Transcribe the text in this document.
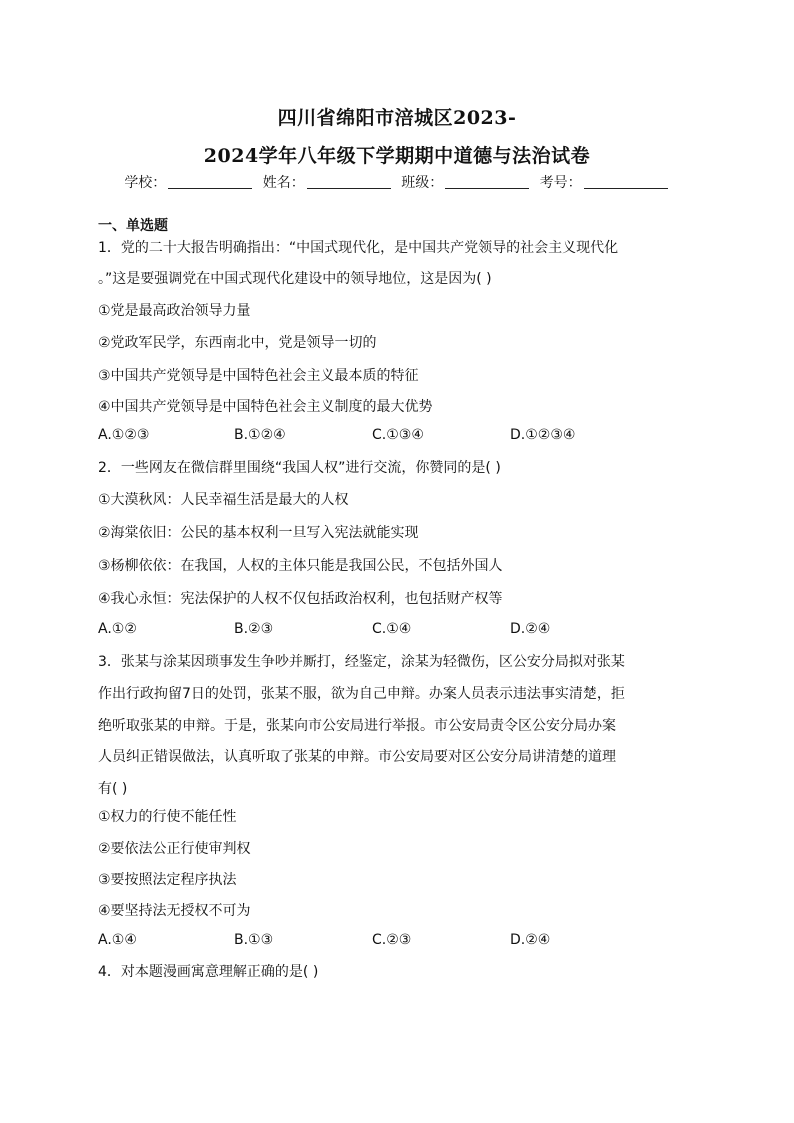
四川省绵阳市涪城区2023-
2024学年八年级下学期期中道德与法治试卷
学校：	姓名：	班级：	考号：
一、单选题
1．党的二十大报告明确指出：“中国式现代化，是中国共产党领导的社会主义现代化
。”这是要强调党在中国式现代化建设中的领导地位，这是因为( )
①党是最高政治领导力量
②党政军民学，东西南北中，党是领导一切的
③中国共产党领导是中国特色社会主义最本质的特征
④中国共产党领导是中国特色社会主义制度的最大优势
A.①②③	B.①②④	C.①③④	D.①②③④
2．一些网友在微信群里围绕“我国人权”进行交流，你赞同的是( )
①大漠秋风：人民幸福生活是最大的人权
②海棠依旧：公民的基本权利一旦写入宪法就能实现
③杨柳依依：在我国，人权的主体只能是我国公民，不包括外国人
④我心永恒：宪法保护的人权不仅包括政治权利，也包括财产权等
A.①②	B.②③	C.①④	D.②④
3．张某与涂某因琐事发生争吵并厮打，经鉴定，涂某为轻微伤，区公安分局拟对张某
作出行政拘留7日的处罚，张某不服，欲为自己申辩。办案人员表示违法事实清楚，拒
绝听取张某的申辩。于是，张某向市公安局进行举报。市公安局责令区公安分局办案
人员纠正错误做法，认真听取了张某的申辩。市公安局要对区公安分局讲清楚的道理
有( )
①权力的行使不能任性
②要依法公正行使审判权
③要按照法定程序执法
④要坚持法无授权不可为
A.①④	B.①③	C.②③	D.②④
4．对本题漫画寓意理解正确的是( )
